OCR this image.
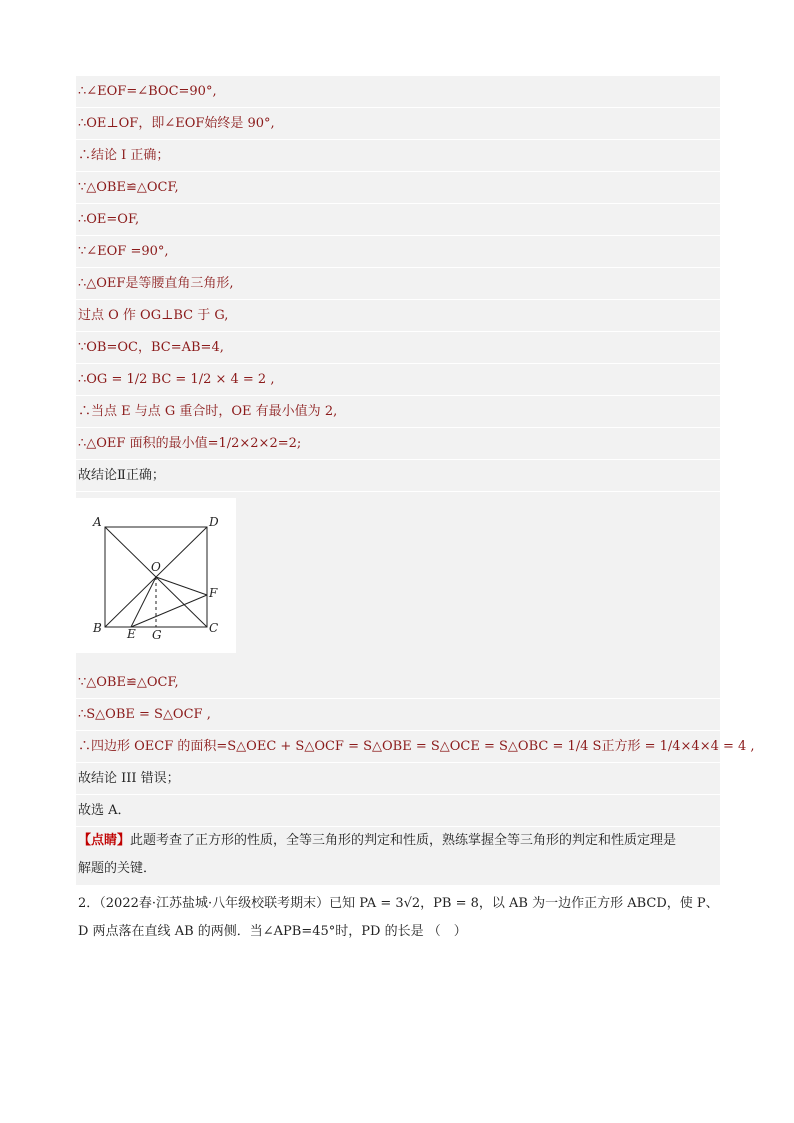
∴∠EOF=∠BOC=90°,
∴OE⊥OF，即∠EOF始终是 90°,
∴结论 I 正确；
∵△OBE≌△OCF,
∴OE=OF,
∵∠EOF =90°,
∴△OEF是等腰直角三角形,
过点 O 作 OG⊥BC 于 G,
∵OB=OC，BC=AB=4,
∴OG = 1/2 BC = 1/2 × 4 = 2 ,
∴当点 E 与点 G 重合时，OE 有最小值为 2,
∴△OEF 面积的最小值=1/2×2×2=2;
故结论Ⅱ正确；
A	D
O
F
B E G	C
∵△OBE≌△OCF,
∴S△OBE = S△OCF ,
∴四边形 OECF 的面积=S△OEC + S△OCF = S△OBE = S△OCE = S△OBC = 1/4 S正方形 = 1/4×4×4 = 4 ,
故结论 III 错误；
故选 A．
【点睛】此题考查了正方形的性质，全等三角形的判定和性质，熟练掌握全等三角形的判定和性质定理是
解题的关键．
2．（2022春·江苏盐城·八年级校联考期末）已知 PA = 3√2，PB = 8，以 AB 为一边作正方形 ABCD，使 P、
D 两点落在直线 AB 的两侧．当∠APB=45°时，PD 的长是 （　）
